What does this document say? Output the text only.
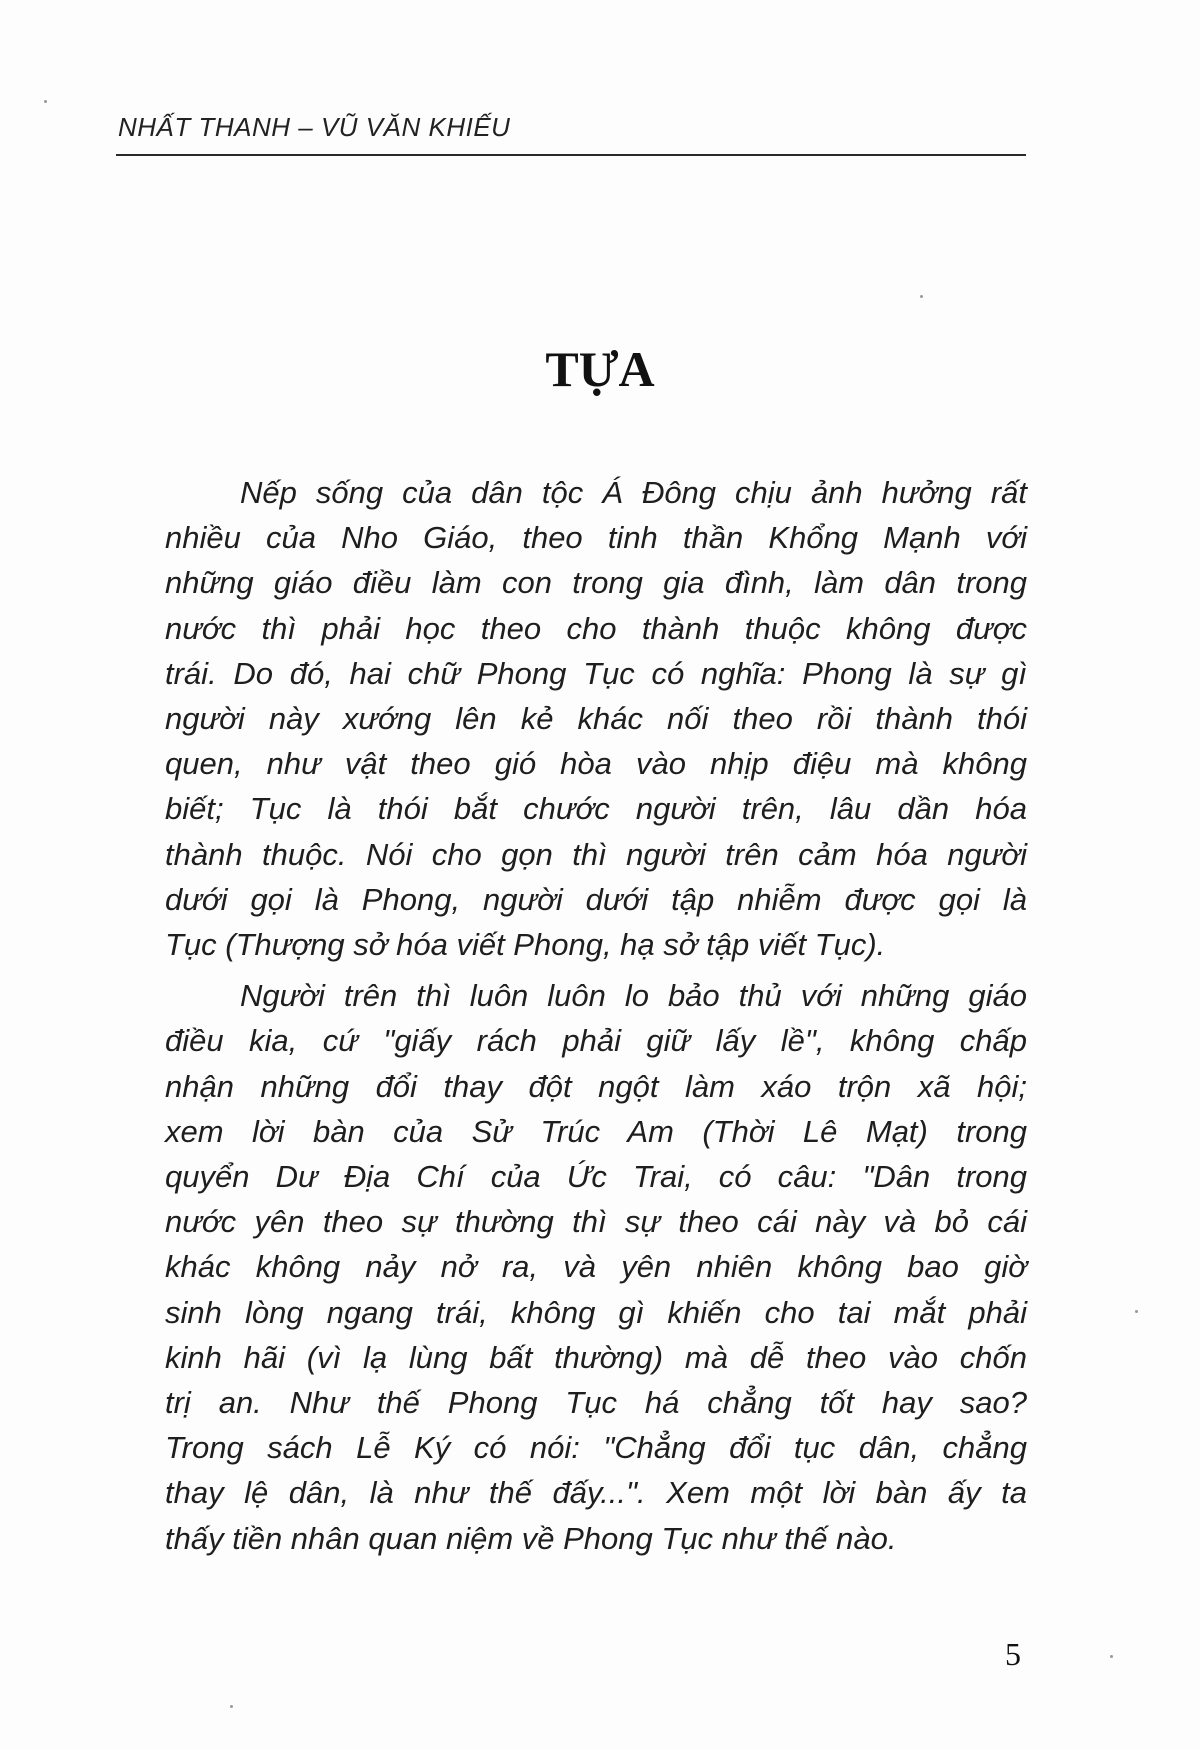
NHẤT THANH – VŨ VĂN KHIẾU
TỰA
Nếp sống của dân tộc Á Đông chịu ảnh hưởng rất
nhiều của Nho Giáo, theo tinh thần Khổng Mạnh với
những giáo điều làm con trong gia đình, làm dân trong
nước thì phải học theo cho thành thuộc không được
trái. Do đó, hai chữ Phong Tục có nghĩa: Phong là sự gì
người này xướng lên kẻ khác nối theo rồi thành thói
quen, như vật theo gió hòa vào nhịp điệu mà không
biết; Tục là thói bắt chước người trên, lâu dần hóa
thành thuộc. Nói cho gọn thì người trên cảm hóa người
dưới gọi là Phong, người dưới tập nhiễm được gọi là
Tục (Thượng sở hóa viết Phong, hạ sở tập viết Tục).
Người trên thì luôn luôn lo bảo thủ với những giáo
điều kia, cứ "giấy rách phải giữ lấy lề", không chấp
nhận những đổi thay đột ngột làm xáo trộn xã hội;
xem lời bàn của Sử Trúc Am (Thời Lê Mạt) trong
quyển Dư Địa Chí của Ức Trai, có câu: "Dân trong
nước yên theo sự thường thì sự theo cái này và bỏ cái
khác không nảy nở ra, và yên nhiên không bao giờ
sinh lòng ngang trái, không gì khiến cho tai mắt phải
kinh hãi (vì lạ lùng bất thường) mà dễ theo vào chốn
trị an. Như thế Phong Tục há chẳng tốt hay sao?
Trong sách Lễ Ký có nói: "Chẳng đổi tục dân, chẳng
thay lệ dân, là như thế đấy...". Xem một lời bàn ấy ta
thấy tiền nhân quan niệm về Phong Tục như thế nào.
5
